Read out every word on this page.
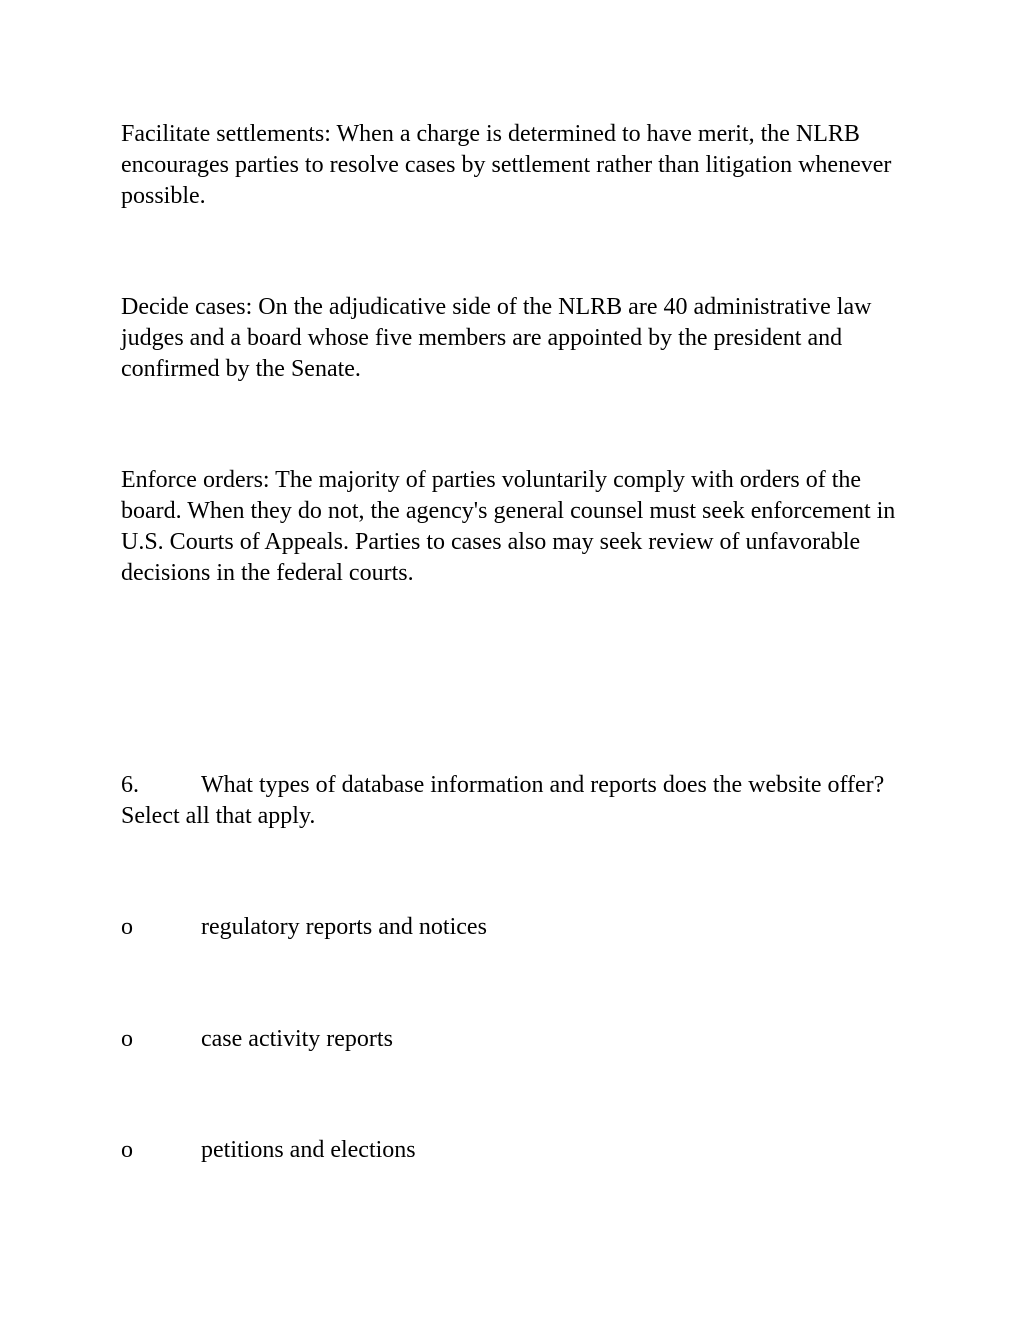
Facilitate settlements: When a charge is determined to have merit, the NLRB encourages parties to resolve cases by settlement rather than litigation whenever possible.

Decide cases: On the adjudicative side of the NLRB are 40 administrative law judges and a board whose five members are appointed by the president and confirmed by the Senate.

Enforce orders: The majority of parties voluntarily comply with orders of the board. When they do not, the agency's general counsel must seek enforcement in U.S. Courts of Appeals. Parties to cases also may seek review of unfavorable decisions in the federal courts.

6.	What types of database information and reports does the website offer? Select all that apply.

o	regulatory reports and notices

o	case activity reports

o	petitions and elections
